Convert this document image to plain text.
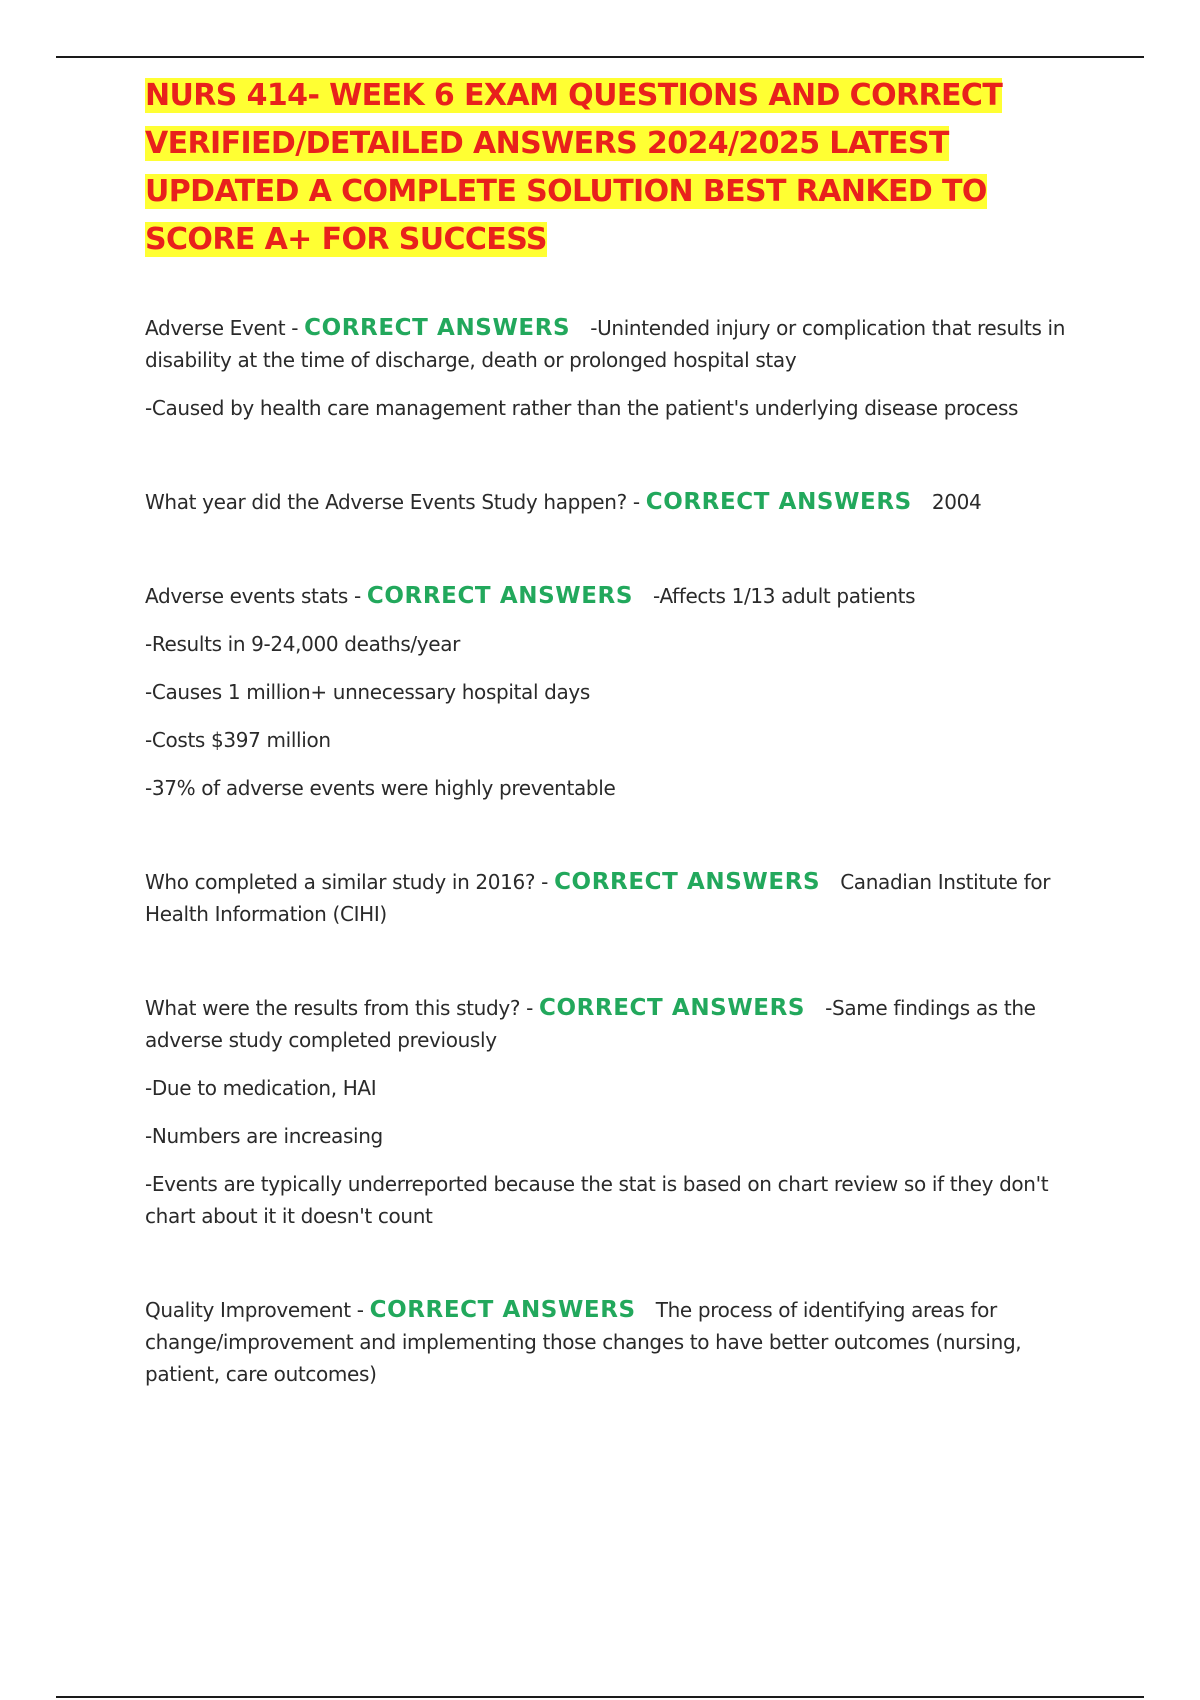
NURS 414- WEEK 6 EXAM QUESTIONS AND CORRECT VERIFIED/DETAILED ANSWERS 2024/2025 LATEST UPDATED A COMPLETE SOLUTION BEST RANKED TO SCORE A+ FOR SUCCESS

Adverse Event - CORRECT ANSWERS -Unintended injury or complication that results in disability at the time of discharge, death or prolonged hospital stay

-Caused by health care management rather than the patient's underlying disease process

What year did the Adverse Events Study happen? - CORRECT ANSWERS 2004

Adverse events stats - CORRECT ANSWERS -Affects 1/13 adult patients

-Results in 9-24,000 deaths/year

-Causes 1 million+ unnecessary hospital days

-Costs $397 million

-37% of adverse events were highly preventable

Who completed a similar study in 2016? - CORRECT ANSWERS Canadian Institute for Health Information (CIHI)

What were the results from this study? - CORRECT ANSWERS -Same findings as the adverse study completed previously

-Due to medication, HAI

-Numbers are increasing

-Events are typically underreported because the stat is based on chart review so if they don't chart about it it doesn't count

Quality Improvement - CORRECT ANSWERS The process of identifying areas for change/improvement and implementing those changes to have better outcomes (nursing, patient, care outcomes)
